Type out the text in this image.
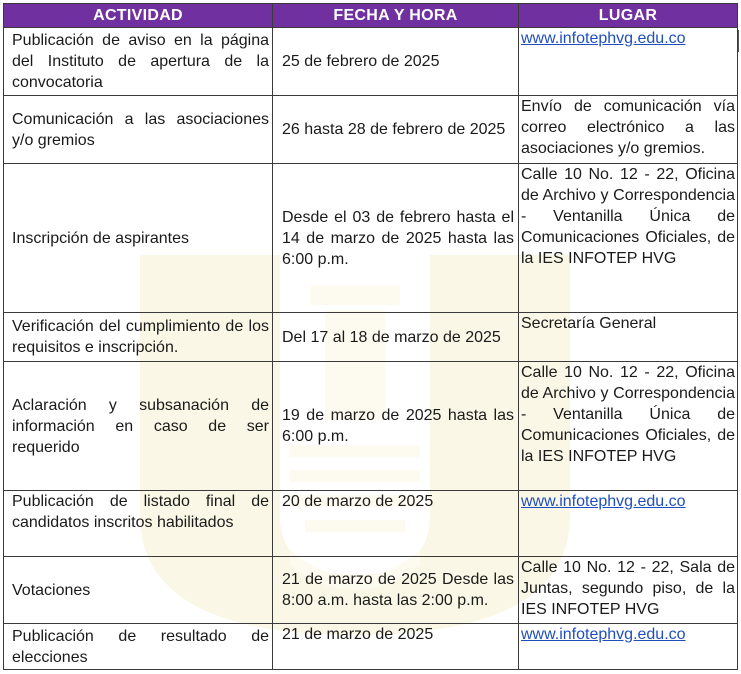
ACTIVIDAD	FECHA Y HORA	LUGAR
Publicación de aviso en la página del Instituto de apertura de la convocatoria	25 de febrero de 2025	www.infotephvg.edu.co
Comunicación a las asociaciones y/o gremios	26 hasta 28 de febrero de 2025	Envío de comunicación vía correo electrónico a las asociaciones y/o gremios.
Inscripción de aspirantes	Desde el 03 de febrero hasta el 14 de marzo de 2025 hasta las 6:00 p.m.	Calle 10 No. 12 - 22, Oficina de Archivo y Correspondencia - Ventanilla Única de Comunicaciones Oficiales, de la IES INFOTEP HVG
Verificación del cumplimiento de los requisitos e inscripción.	Del 17 al 18 de marzo de 2025	Secretaría General
Aclaración y subsanación de información en caso de ser requerido	19 de marzo de 2025 hasta las 6:00 p.m.	Calle 10 No. 12 - 22, Oficina de Archivo y Correspondencia - Ventanilla Única de Comunicaciones Oficiales, de la IES INFOTEP HVG
Publicación de listado final de candidatos inscritos habilitados	20 de marzo de 2025	www.infotephvg.edu.co
Votaciones	21 de marzo de 2025 Desde las 8:00 a.m. hasta las 2:00 p.m.	Calle 10 No. 12 - 22, Sala de Juntas, segundo piso, de la IES INFOTEP HVG
Publicación de resultado de elecciones	21 de marzo de 2025	www.infotephvg.edu.co
